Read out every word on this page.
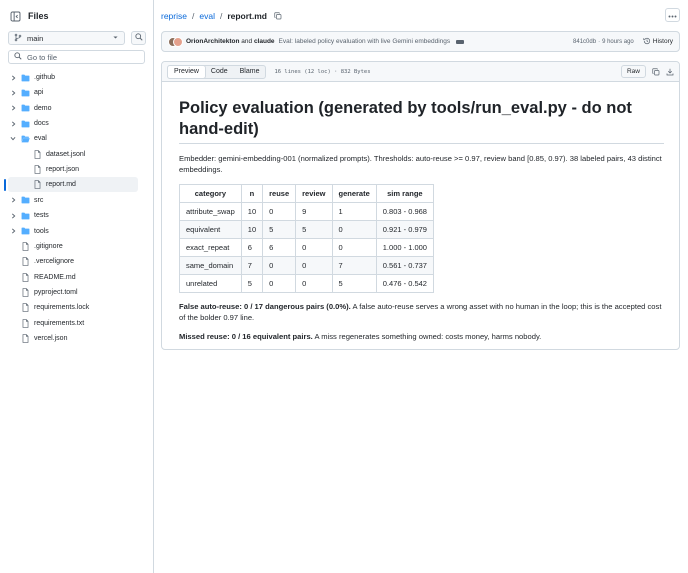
Files
main
Go to file
.github
api
demo
docs
eval
dataset.jsonl
report.json
report.md
src
tests
tools
.gitignore
.vercelignore
README.md
pyproject.toml
requirements.lock
requirements.txt
vercel.json
reprise / eval / report.md
OrionArchitekton and claude Eval: labeled policy evaluation with live Gemini embeddings	841c0db · 9 hours ago	History
Preview	Code	Blame	16 lines (12 loc) · 832 Bytes	Raw
Policy evaluation (generated by tools/run_eval.py - do not hand-edit)

Embedder: gemini-embedding-001 (normalized prompts). Thresholds: auto-reuse >= 0.97, review band [0.85, 0.97). 38 labeled pairs, 43 distinct embeddings.

category	n	reuse	review	generate	sim range
attribute_swap	10	0	9	1	0.803 - 0.968
equivalent	10	5	5	0	0.921 - 0.979
exact_repeat	6	6	0	0	1.000 - 1.000
same_domain	7	0	0	7	0.561 - 0.737
unrelated	5	0	0	5	0.476 - 0.542

False auto-reuse: 0 / 17 dangerous pairs (0.0%). A false auto-reuse serves a wrong asset with no human in the loop; this is the accepted cost of the bolder 0.97 line.

Missed reuse: 0 / 16 equivalent pairs. A miss regenerates something owned: costs money, harms nobody.
